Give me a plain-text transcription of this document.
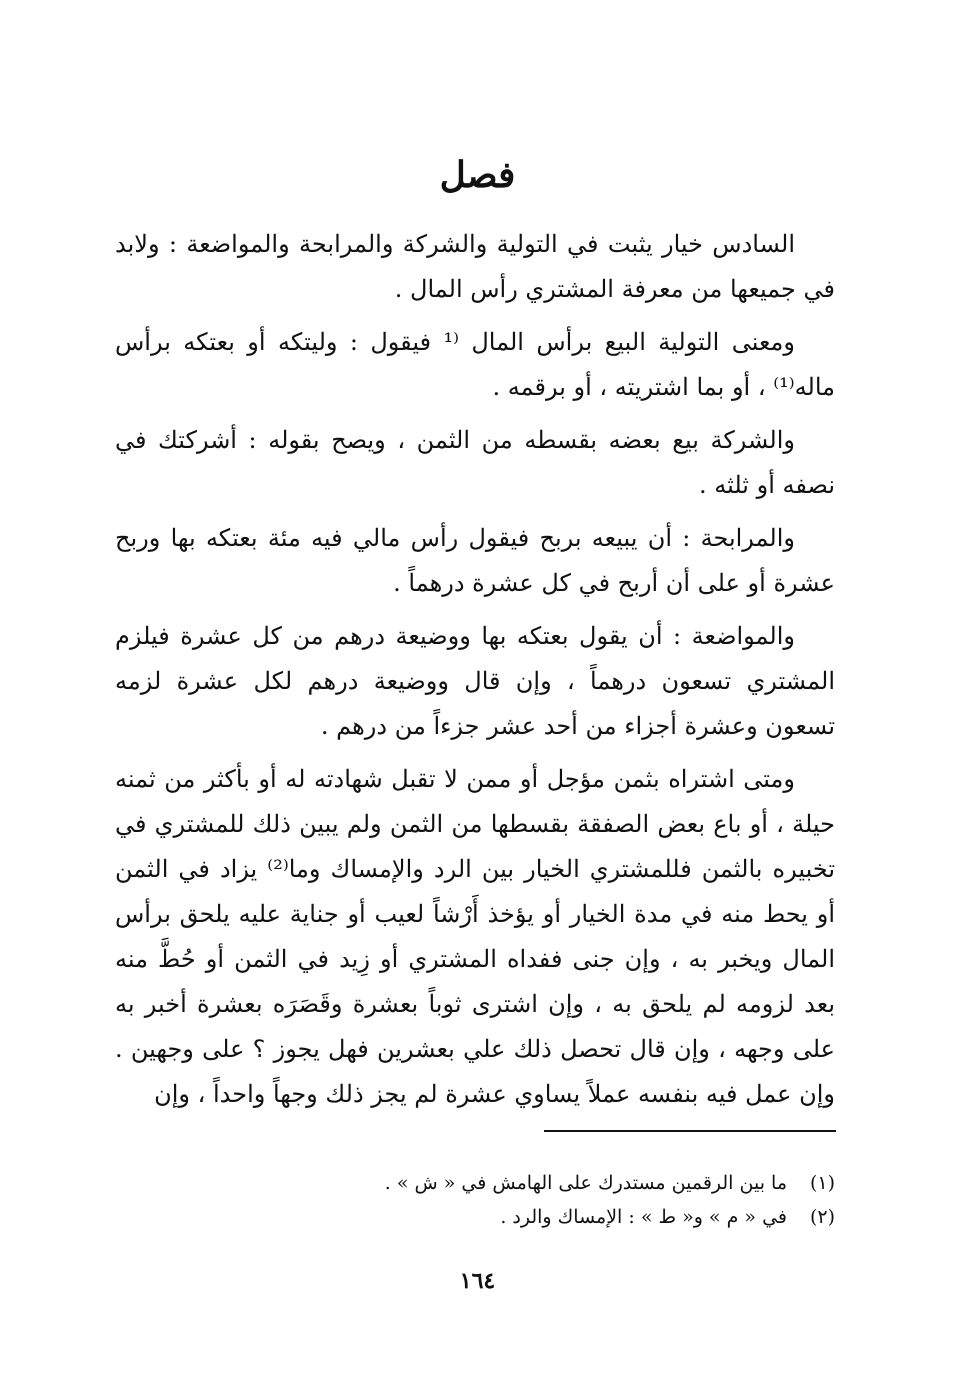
فصل

السادس خيار يثبت في التولية والشركة والمرابحة والمواضعة : ولابد في جميعها من معرفة المشتري رأس المال .

ومعنى التولية البيع برأس المال ⁽¹ فيقول : وليتكه أو بعتكه برأس ماله⁽¹⁾ ، أو بما اشتريته ، أو برقمه .

والشركة بيع بعضه بقسطه من الثمن ، ويصح بقوله : أشركتك في نصفه أو ثلثه .

والمرابحة : أن يبيعه بربح فيقول رأس مالي فيه مئة بعتكه بها وربح عشرة أو على أن أربح في كل عشرة درهماً .

والمواضعة : أن يقول بعتكه بها ووضيعة درهم من كل عشرة فيلزم المشتري تسعون درهماً ، وإن قال ووضيعة درهم لكل عشرة لزمه تسعون وعشرة أجزاء من أحد عشر جزءاً من درهم .

ومتى اشتراه بثمن مؤجل أو ممن لا تقبل شهادته له أو بأكثر من ثمنه حيلة ، أو باع بعض الصفقة بقسطها من الثمن ولم يبين ذلك للمشتري في تخبيره بالثمن فللمشتري الخيار بين الرد والإمساك وما⁽²⁾ يزاد في الثمن أو يحط منه في مدة الخيار أو يؤخذ أَرْشاً لعيب أو جناية عليه يلحق برأس المال ويخبر به ، وإن جنى ففداه المشتري أو زِيد في الثمن أو حُطَّ منه بعد لزومه لم يلحق به ، وإن اشترى ثوباً بعشرة وقَصَرَه بعشرة أخبر به على وجهه ، وإن قال تحصل ذلك علي بعشرين فهل يجوز ؟ على وجهين . وإن عمل فيه بنفسه عملاً يساوي عشرة لم يجز ذلك وجهاً واحداً ، وإن

(١)
ما بين الرقمين مستدرك على الهامش في « ش » .
(٢)
في « م » و« ط » : الإمساك والرد .
١٦٤
